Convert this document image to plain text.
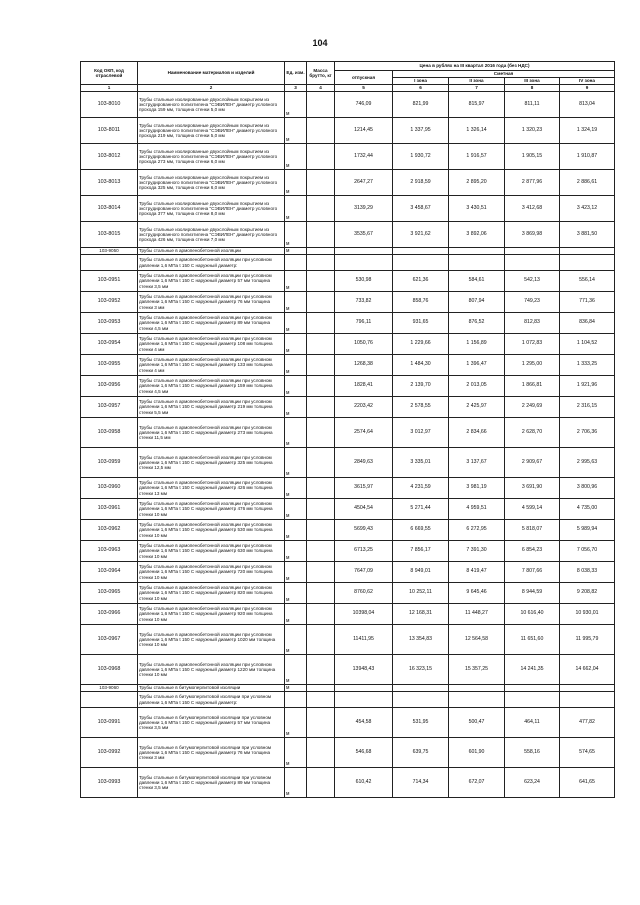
104
Код ОКП, код отраслевой	Наименование материалов и изделий	Ед. изм.	Масса брутто, кг	Цена в рублях на III квартал 2016 года (без НДС)				
				отпускная	Сметная			
					I зона	II зона	III зона	IV зона
1	2	3	4	5	6	7	8	9
103-8010	Трубы стальные изолированные двухслойным покрытием из экструдированного полиэтилена "СЭВИЛЕН" диаметр условного прохода 159 мм, толщина стенки 5,0 мм	м		746,09	821,99	815,97	811,11	813,04
103-8011	Трубы стальные изолированные двухслойным покрытием из экструдированного полиэтилена "СЭВИЛЕН" диаметр условного прохода 219 мм, толщина стенки 5,0 мм	м		1214,45	1 337,95	1 326,14	1 320,23	1 324,19
103-8012	Трубы стальные изолированные двухслойным покрытием из экструдированного полиэтилена "СЭВИЛЕН" диаметр условного прохода 273 мм, толщина стенки 6,0 мм	м		1732,44	1 930,72	1 916,57	1 905,15	1 910,87
103-8013	Трубы стальные изолированные двухслойным покрытием из экструдированного полиэтилена "СЭВИЛЕН" диаметр условного прохода 325 мм, толщина стенки 6,0 мм	м		2647,27	2 918,59	2 895,20	2 877,96	2 886,61
103-8014	Трубы стальные изолированные двухслойным покрытием из экструдированного полиэтилена "СЭВИЛЕН" диаметр условного прохода 377 мм, толщина стенки 8,0 мм	м		3139,29	3 458,67	3 430,51	3 412,68	3 423,12
103-8015	Трубы стальные изолированные двухслойным покрытием из экструдированного полиэтилена "СЭВИЛЕН" диаметр условного прохода 426 мм, толщина стенки 7,0 мм	м		3535,67	3 921,62	3 892,06	3 869,98	3 881,50
103-9050	Трубы стальные в армопенобетонной изоляции	м						
	Трубы стальные в армопенобетонной изоляции при условном давлении 1,6 МПа t 150 С наружный диаметр:							
103-0951	Трубы стальные в армопенобетонной изоляции при условном давлении 1,6 МПа t 150 С наружный диаметр 57 мм толщина стенки 3,5 мм	м		530,98	621,36	584,61	542,13	556,14
103-0952	Трубы стальные в армопенобетонной изоляции при условном давлении 1,6 МПа t 150 С наружный диаметр 76 мм толщина стенки 3 мм	м		733,82	858,76	807,94	749,23	771,36
103-0953	Трубы стальные в армопенобетонной изоляции при условном давлении 1,6 МПа t 150 С наружный диаметр 89 мм толщина стенки 4,5 мм	м		796,11	931,65	876,52	812,83	836,84
103-0954	Трубы стальные в армопенобетонной изоляции при условном давлении 1,6 МПа t 150 С наружный диаметр 108 мм толщина стенки 4 мм	м		1050,76	1 229,66	1 156,89	1 072,83	1 104,52
103-0955	Трубы стальные в армопенобетонной изоляции при условном давлении 1,6 МПа t 150 С наружный диаметр 133 мм толщина стенки 4 мм	м		1268,38	1 484,30	1 396,47	1 295,00	1 333,25
103-0956	Трубы стальные в армопенобетонной изоляции при условном давлении 1,6 МПа t 150 С наружный диаметр 159 мм толщина стенки 4,5 мм	м		1828,41	2 139,70	2 013,05	1 866,81	1 921,96
103-0957	Трубы стальные в армопенобетонной изоляции при условном давлении 1,6 МПа t 150 С наружный диаметр 219 мм толщина стенки 5,5 мм	м		2203,42	2 578,55	2 425,97	2 249,69	2 316,15
103-0958	Трубы стальные в армопенобетонной изоляции при условном давлении 1,6 МПа t 150 С наружный диаметр 273 мм толщина стенки 11,5 мм	м		2574,64	3 012,97	2 834,66	2 628,70	2 706,36
103-0959	Трубы стальные в армопенобетонной изоляции при условном давлении 1,6 МПа t 150 С наружный диаметр 325 мм толщина стенки 12,5 мм	м		2849,63	3 335,01	3 137,67	2 909,67	2 995,63
103-0960	Трубы стальные в армопенобетонной изоляции при условном давлении 1,6 МПа t 150 С наружный диаметр 426 мм толщина стенки 13 мм	м		3615,97	4 231,59	3 981,19	3 691,90	3 800,96
103-0961	Трубы стальные в армопенобетонной изоляции при условном давлении 1,6 МПа t 150 С наружный диаметр 476 мм толщина стенки 10 мм	м		4504,54	5 271,44	4 959,51	4 599,14	4 735,00
103-0962	Трубы стальные в армопенобетонной изоляции при условном давлении 1,6 МПа t 150 С наружный диаметр 530 мм толщина стенки 10 мм	м		5699,43	6 669,55	6 272,95	5 818,07	5 989,94
103-0963	Трубы стальные в армопенобетонной изоляции при условном давлении 1,6 МПа t 150 С наружный диаметр 630 мм толщина стенки 10 мм	м		6713,25	7 856,17	7 391,30	6 854,23	7 056,70
103-0964	Трубы стальные в армопенобетонной изоляции при условном давлении 1,6 МПа t 150 С наружный диаметр 720 мм толщина стенки 10 мм	м		7647,09	8 949,01	8 419,47	7 807,66	8 038,33
103-0965	Трубы стальные в армопенобетонной изоляции при условном давлении 1,6 МПа t 150 С наружный диаметр 820 мм толщина стенки 10 мм	м		8760,62	10 252,11	9 645,46	8 944,59	9 208,82
103-0966	Трубы стальные в армопенобетонной изоляции при условном давлении 1,6 МПа t 150 С наружный диаметр 920 мм толщина стенки 10 мм	м		10398,04	12 168,31	11 448,27	10 616,40	10 930,01
103-0967	Трубы стальные в армопенобетонной изоляции при условном давлении 1,6 МПа t 150 С наружный диаметр 1020 мм толщина стенки 10 мм	м		11411,95	13 354,83	12 564,58	11 651,60	11 995,79
103-0968	Трубы стальные в армопенобетонной изоляции при условном давлении 1,6 МПа t 150 С наружный диаметр 1220 мм толщина стенки 10 мм	м		13948,43	16 323,15	15 357,25	14 241,35	14 662,04
103-9060	Трубы стальные в битумоперлитовой изоляции	м						
	Трубы стальные в битумоперлитовой изоляции при условном давлении 1,6 МПа t 150 С наружный диаметр:							
103-0991	Трубы стальные в битумоперлитовой изоляции при условном давлении 1,6 МПа t 150 С наружный диаметр 57 мм толщина стенки 3,5 мм	м		454,58	531,95	500,47	464,11	477,82
103-0992	Трубы стальные в битумоперлитовой изоляции при условном давлении 1,6 МПа t 150 С наружный диаметр 76 мм толщина стенки 3 мм	м		546,68	639,75	601,90	558,16	574,65
103-0993	Трубы стальные в битумоперлитовой изоляции при условном давлении 1,6 МПа t 150 С наружный диаметр 89 мм толщина стенки 3,5 мм	м		610,42	714,34	672,07	623,24	641,65
